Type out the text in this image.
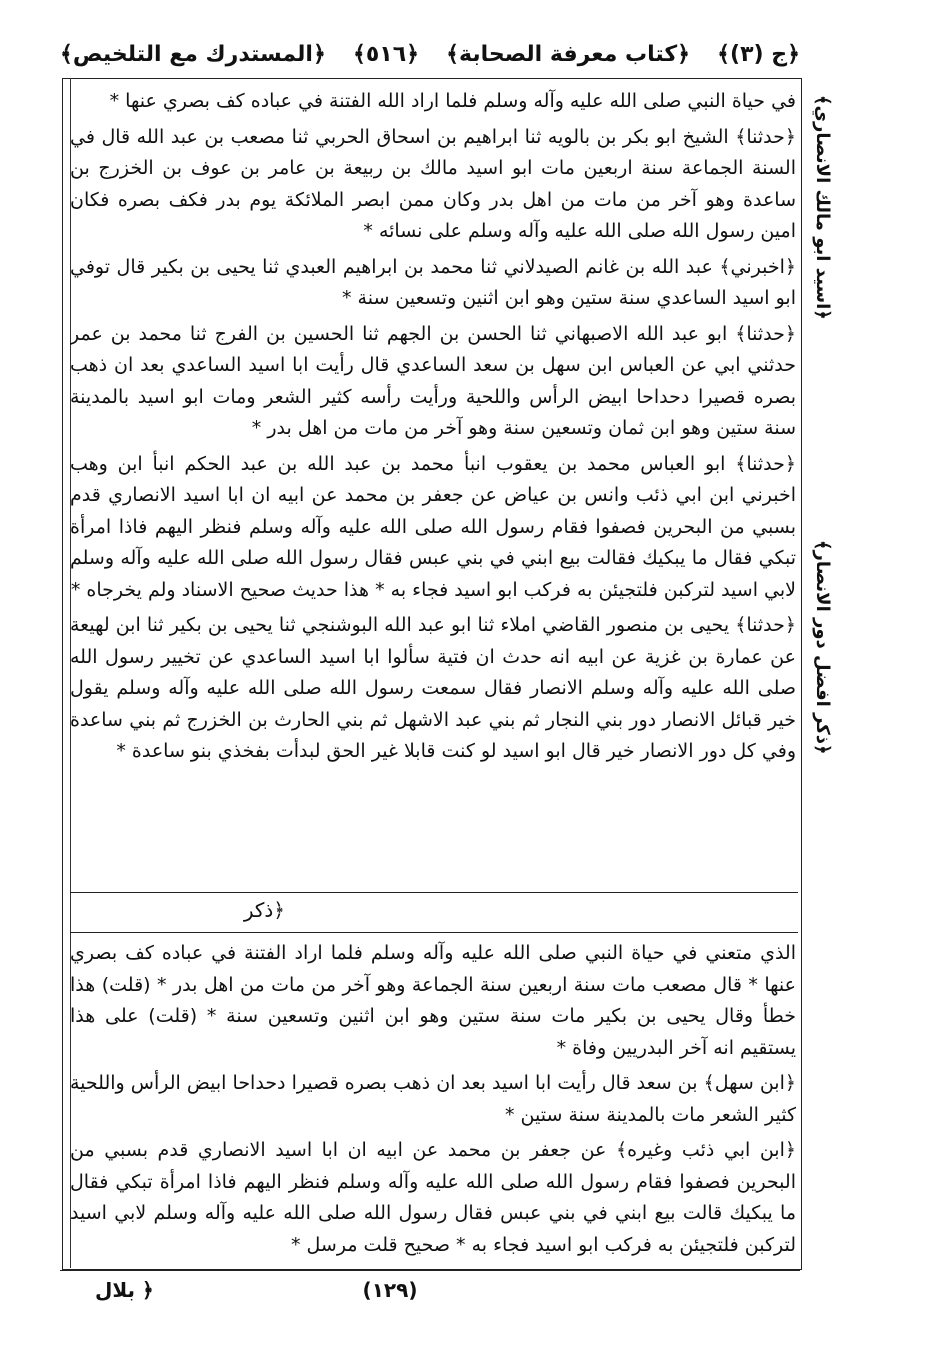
﴿المستدرك مع التلخيص﴾ ﴿٥١٦﴾ ﴿كتاب معرفة الصحابة﴾ ﴿ج (٣)﴾
﴿اسيد ابو مالك الانصاري﴾
﴿ذكر افضل دور الانصار﴾

في حياة النبي صلى الله عليه وآله وسلم فلما اراد الله الفتنة في عباده كف بصري عنها *

﴿حدثنا﴾ الشيخ ابو بكر بن بالويه ثنا ابراهيم بن اسحاق الحربي ثنا مصعب بن عبد الله قال في السنة الجماعة سنة اربعين مات ابو اسيد مالك بن ربيعة بن عامر بن عوف بن الخزرج بن ساعدة وهو آخر من مات من اهل بدر وكان ممن ابصر الملائكة يوم بدر فكف بصره فكان امين رسول الله صلى الله عليه وآله وسلم على نسائه *

﴿اخبرني﴾ عبد الله بن غانم الصيدلاني ثنا محمد بن ابراهيم العبدي ثنا يحيى بن بكير قال توفي ابو اسيد الساعدي سنة ستين وهو ابن اثنين وتسعين سنة *

﴿حدثنا﴾ ابو عبد الله الاصبهاني ثنا الحسن بن الجهم ثنا الحسين بن الفرج ثنا محمد بن عمر حدثني ابي عن العباس ابن سهل بن سعد الساعدي قال رأيت ابا اسيد الساعدي بعد ان ذهب بصره قصيرا دحداحا ابيض الرأس واللحية ورأيت رأسه كثير الشعر ومات ابو اسيد بالمدينة سنة ستين وهو ابن ثمان وتسعين سنة وهو آخر من مات من اهل بدر *

﴿حدثنا﴾ ابو العباس محمد بن يعقوب انبأ محمد بن عبد الله بن عبد الحكم انبأ ابن وهب اخبرني ابن ابي ذئب وانس بن عياض عن جعفر بن محمد عن ابيه ان ابا اسيد الانصاري قدم بسبي من البحرين فصفوا فقام رسول الله صلى الله عليه وآله وسلم فنظر اليهم فاذا امرأة تبكي فقال ما يبكيك فقالت بيع ابني في بني عبس فقال رسول الله صلى الله عليه وآله وسلم لابي اسيد لتركبن فلتجيئن به فركب ابو اسيد فجاء به * هذا حديث صحيح الاسناد ولم يخرجاه *

﴿حدثنا﴾ يحيى بن منصور القاضي املاء ثنا ابو عبد الله البوشنجي ثنا يحيى بن بكير ثنا ابن لهيعة عن عمارة بن غزية عن ابيه انه حدث ان فتية سألوا ابا اسيد الساعدي عن تخيير رسول الله صلى الله عليه وآله وسلم الانصار فقال سمعت رسول الله صلى الله عليه وآله وسلم يقول خير قبائل الانصار دور بني النجار ثم بني عبد الاشهل ثم بني الحارث بن الخزرج ثم بني ساعدة وفي كل دور الانصار خير قال ابو اسيد لو كنت قابلا غير الحق لبدأت بفخذي بنو ساعدة *

﴿ذكر

الذي متعني في حياة النبي صلى الله عليه وآله وسلم فلما اراد الفتنة في عباده كف بصري عنها * قال مصعب مات سنة اربعين سنة الجماعة وهو آخر من مات من اهل بدر * (قلت) هذا خطأ وقال يحيى بن بكير مات سنة ستين وهو ابن اثنين وتسعين سنة * (قلت) على هذا يستقيم انه آخر البدريين وفاة *

﴿ابن سهل﴾ بن سعد قال رأيت ابا اسيد بعد ان ذهب بصره قصيرا دحداحا ابيض الرأس واللحية كثير الشعر مات بالمدينة سنة ستين *

﴿ابن ابي ذئب وغيره﴾ عن جعفر بن محمد عن ابيه ان ابا اسيد الانصاري قدم بسبي من البحرين فصفوا فقام رسول الله صلى الله عليه وآله وسلم فنظر اليهم فاذا امرأة تبكي فقال ما يبكيك قالت بيع ابني في بني عبس فقال رسول الله صلى الله عليه وآله وسلم لابي اسيد لتركبن فلتجيئن به فركب ابو اسيد فجاء به * صحيح قلت مرسل *

(١٢٩)
﴿ بلال
